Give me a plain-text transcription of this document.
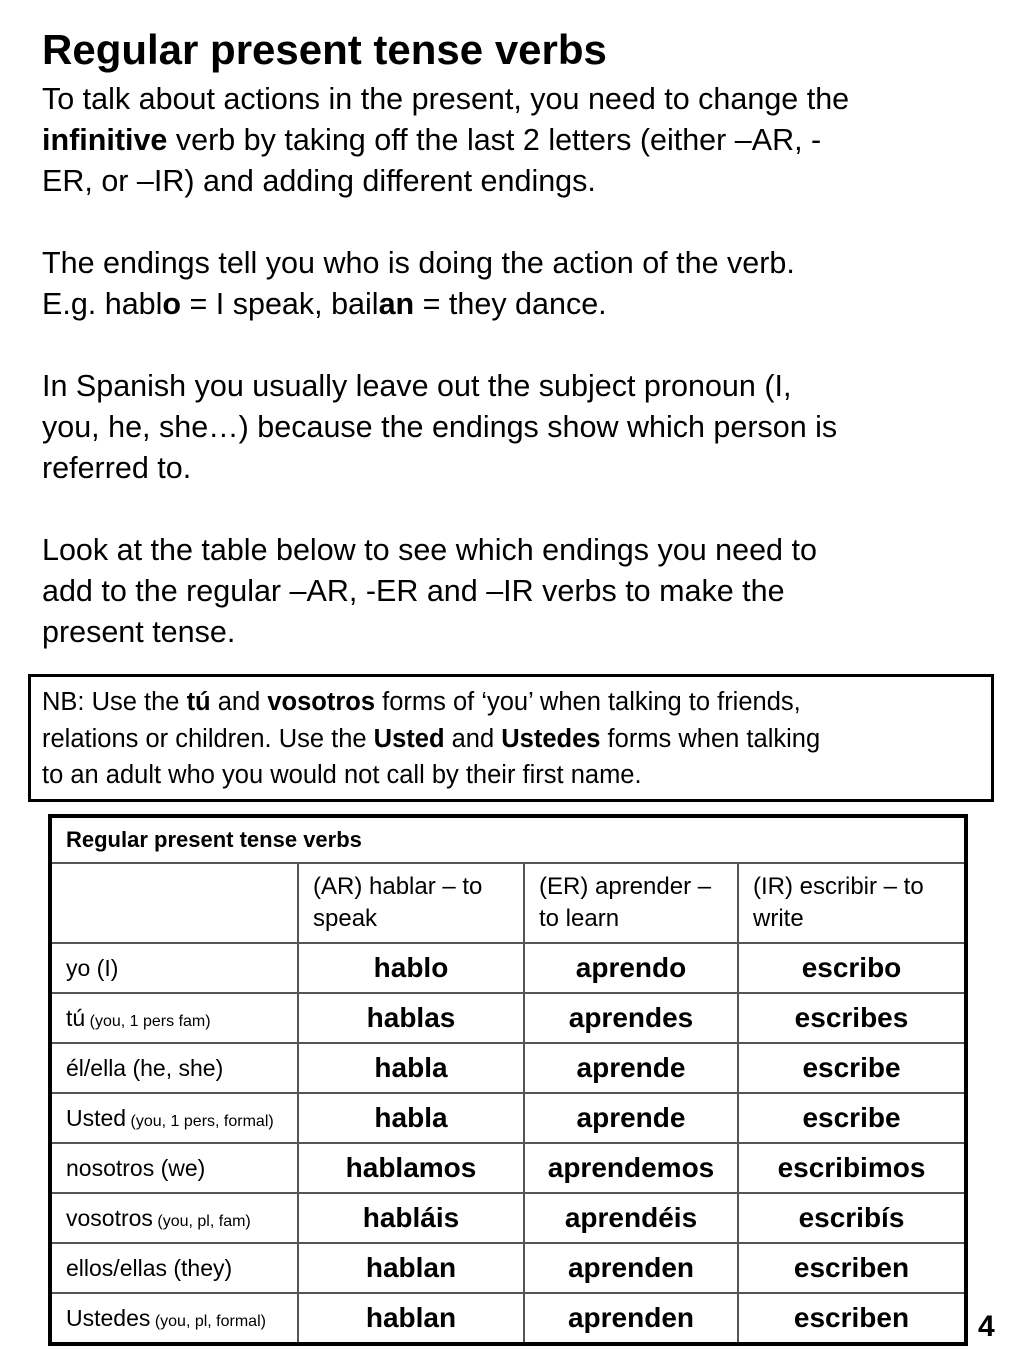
Regular present tense verbs
To talk about actions in the present, you need to change the
infinitive verb by taking off the last 2 letters (either –AR, -
ER, or –IR) and adding different endings.
The endings tell you who is doing the action of the verb.
E.g. hablo = I speak, bailan = they dance.
In Spanish you usually leave out the subject pronoun (I,
you, he, she…) because the endings show which person is
referred to.
Look at the table below to see which endings you need to
add to the regular –AR, -ER and –IR verbs to make the
present tense.
NB: Use the tú and vosotros forms of ‘you’ when talking to friends,
relations or children. Use the Usted and Ustedes forms when talking
to an adult who you would not call by their first name.
Regular present tense verbs			
	(AR) hablar – to speak	(ER) aprender – to learn	(IR) escribir – to write
yo (I)	hablo	aprendo	escribo
tú (you, 1 pers fam)	hablas	aprendes	escribes
él/ella (he, she)	habla	aprende	escribe
Usted (you, 1 pers, formal)	habla	aprende	escribe
nosotros (we)	hablamos	aprendemos	escribimos
vosotros (you, pl, fam)	habláis	aprendéis	escribís
ellos/ellas (they)	hablan	aprenden	escriben
Ustedes (you, pl, formal)	hablan	aprenden	escriben 4
